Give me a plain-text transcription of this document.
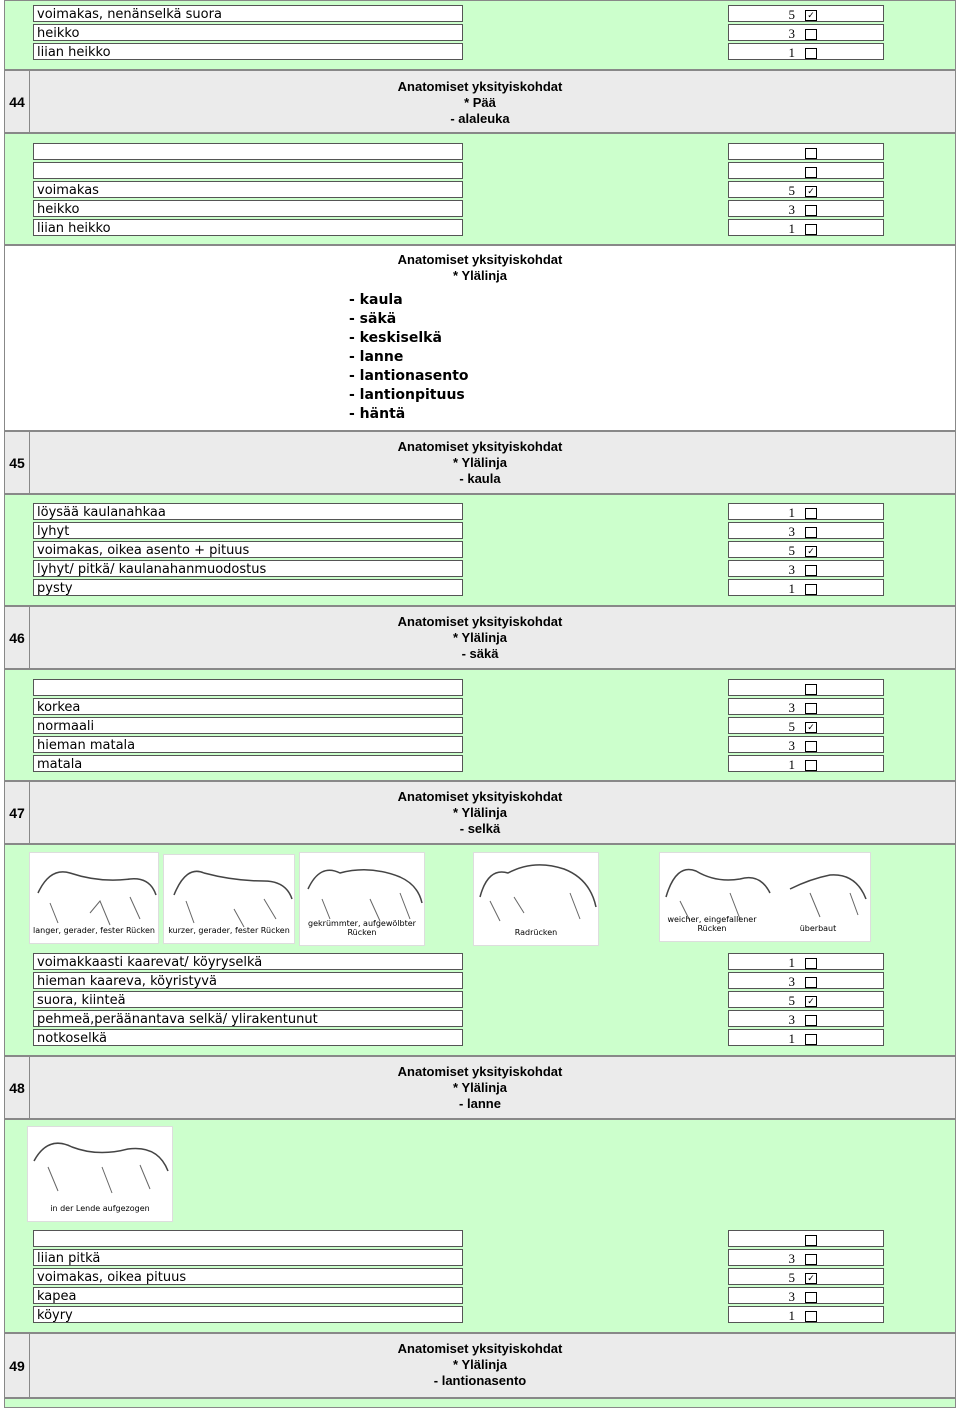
voimakas, nenänselkä suora	5 ✓
heikko	3
liian heikko	1
44
Anatomiset yksityiskohdat
* Pää
- alaleuka
voimakas	5 ✓
heikko	3
liian heikko	1
Anatomiset yksityiskohdat
* Ylälinja
- kaula
- säkä
- keskiselkä
- lanne
- lantionasento
- lantionpituus
- häntä
45
Anatomiset yksityiskohdat
* Ylälinja
- kaula
löysää kaulanahkaa	1
lyhyt	3
voimakas, oikea asento + pituus	5 ✓
lyhyt/ pitkä/ kaulanahanmuodostus	3
pysty	1
46
Anatomiset yksityiskohdat
* Ylälinja
- säkä
korkea	3
normaali	5 ✓
hieman matala	3
matala	1
47
Anatomiset yksityiskohdat
* Ylälinja
- selkä
langer, gerader, fester Rücken	kurzer, gerader, fester Rücken
gekrümmter, aufgewölbter Rücken	Radrücken
weicher, eingefallener Rücken	überbaut
voimakkaasti kaarevat/ köyryselkä	1
hieman kaareva, köyristyvä	3
suora, kiinteä	5 ✓
pehmeä,peräänantava selkä/ ylirakentunut	3
notkoselkä	1
48
Anatomiset yksityiskohdat
* Ylälinja
- lanne
in der Lende aufgezogen
liian pitkä	3
voimakas, oikea pituus	5 ✓
kapea	3
köyry	1
49
Anatomiset yksityiskohdat
* Ylälinja
- lantionasento
